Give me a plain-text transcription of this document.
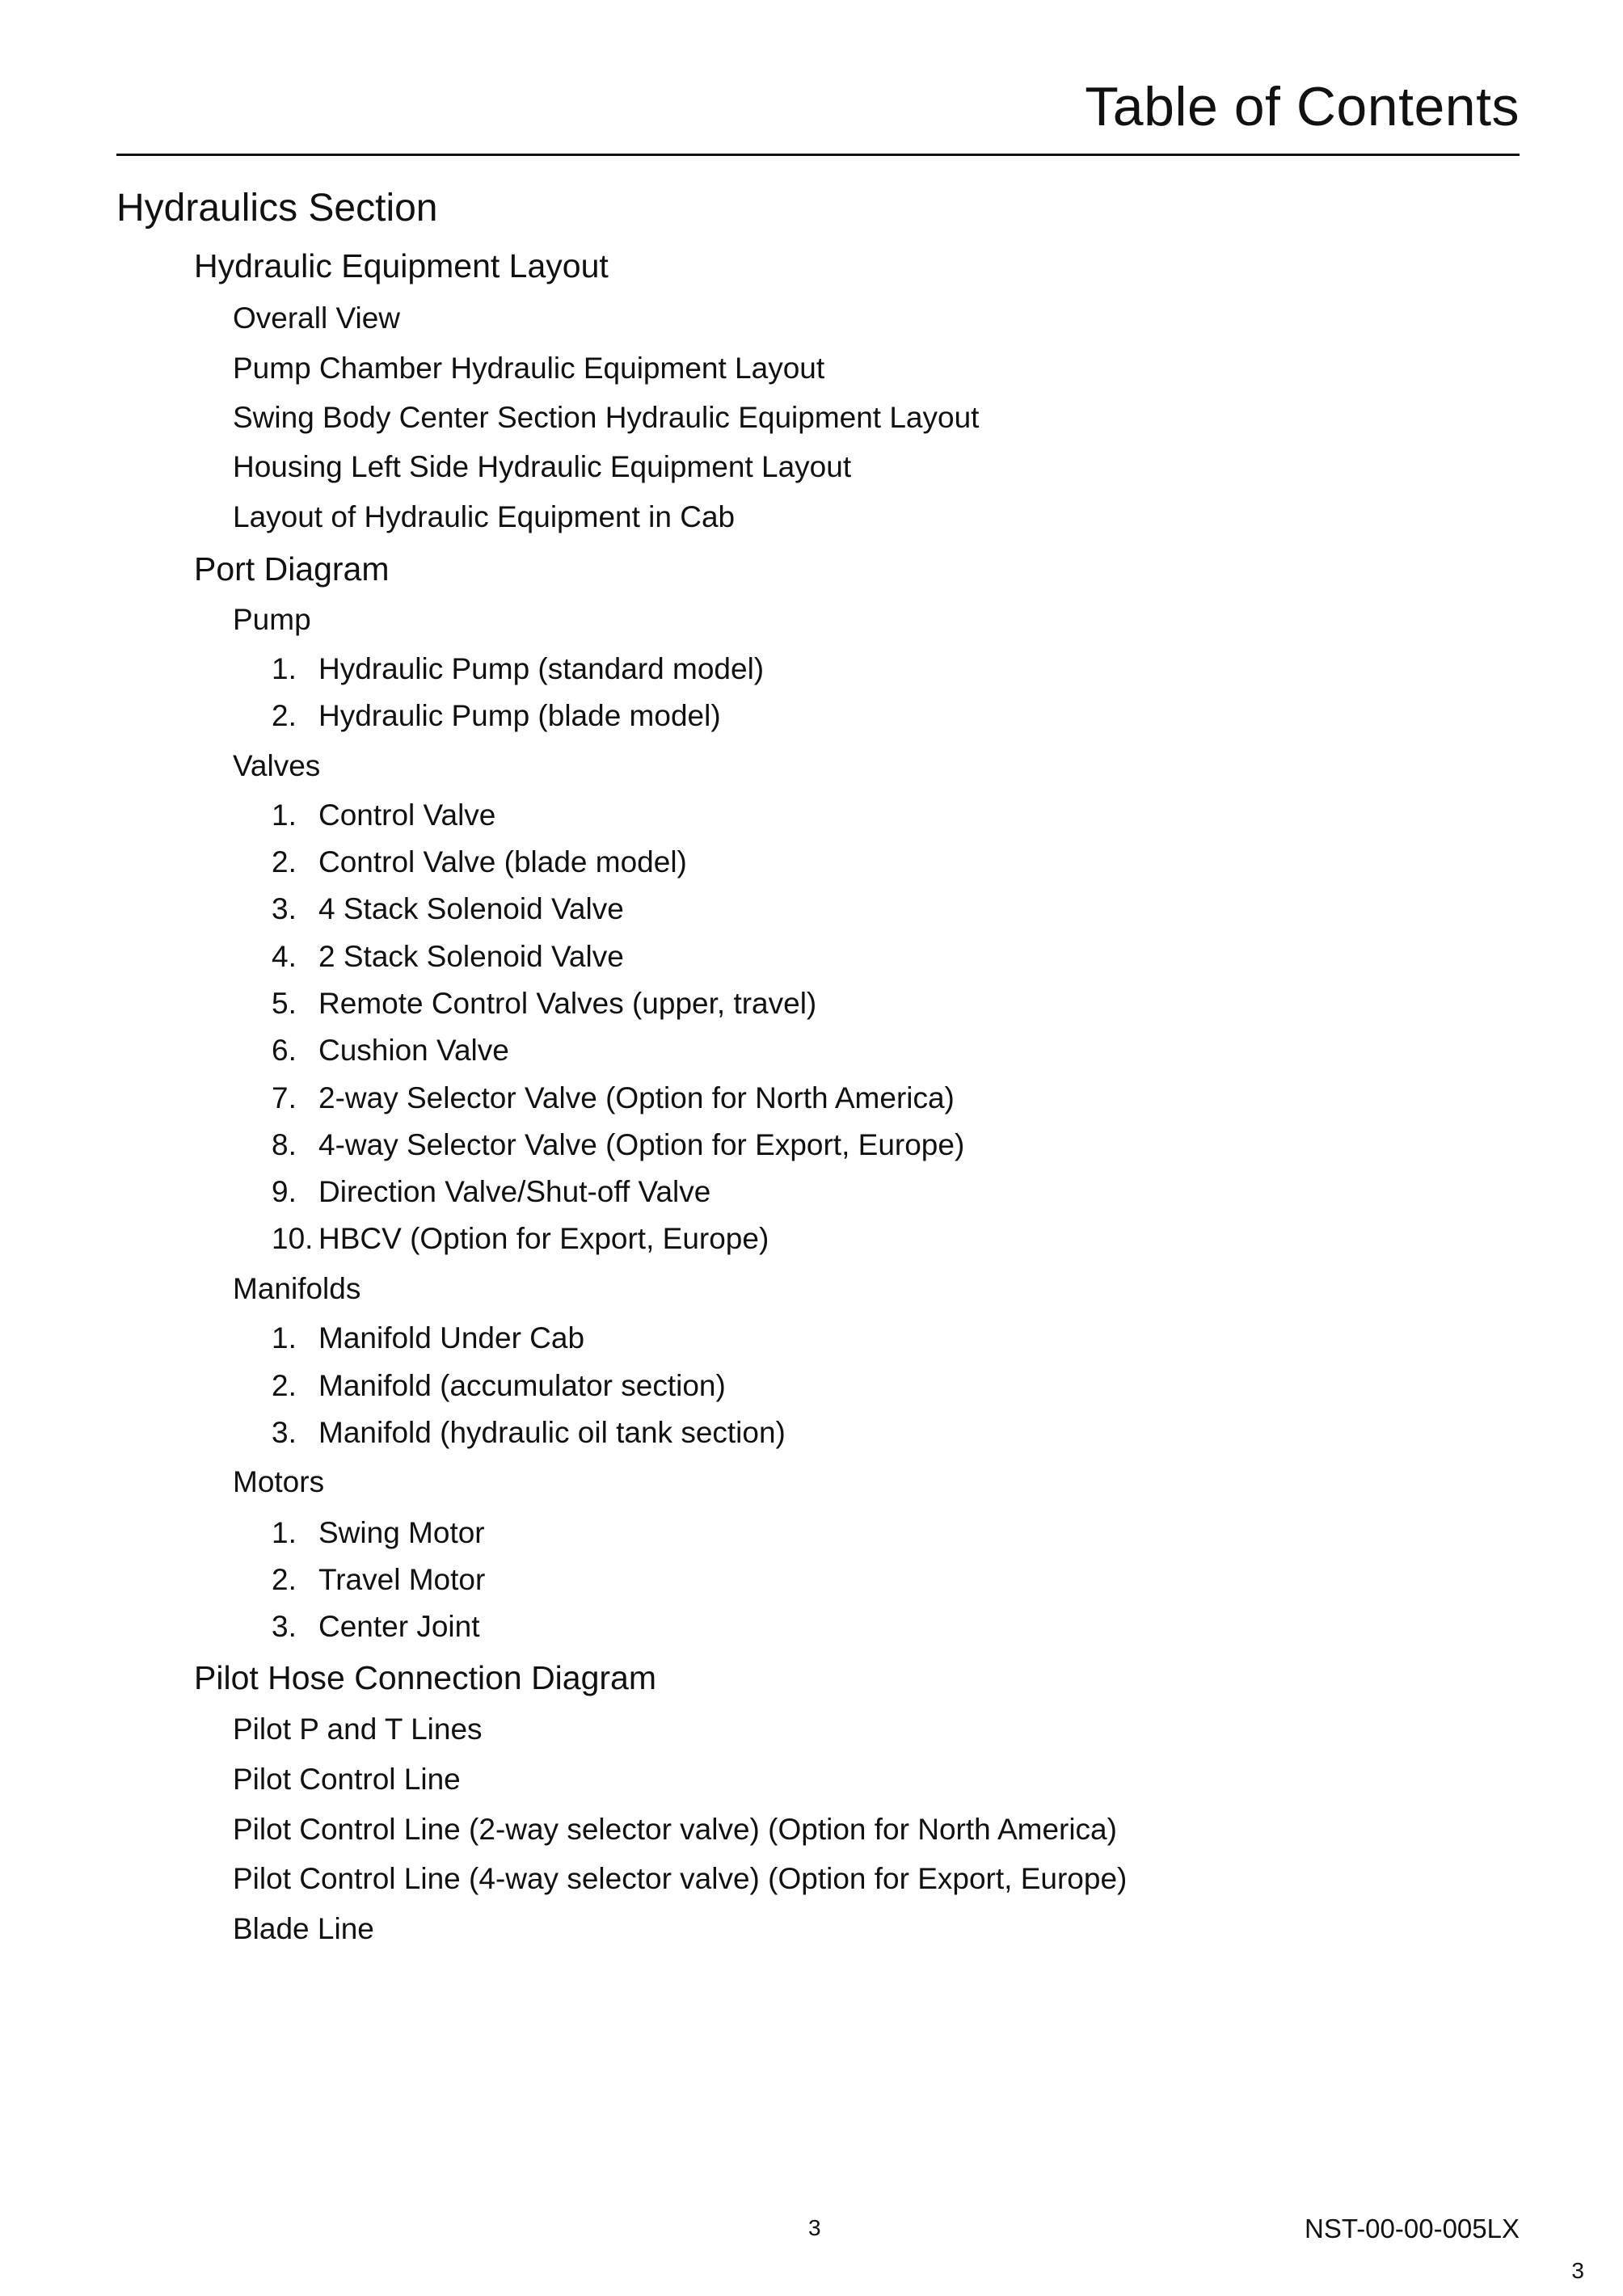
Table of Contents
Hydraulics Section
Hydraulic Equipment Layout
Overall View
Pump Chamber Hydraulic Equipment Layout
Swing Body Center Section Hydraulic Equipment Layout
Housing Left Side Hydraulic Equipment Layout
Layout of Hydraulic Equipment in Cab
Port Diagram
Pump
1. Hydraulic Pump (standard model)
2. Hydraulic Pump (blade model)
Valves
1. Control Valve
2. Control Valve (blade model)
3. 4 Stack Solenoid Valve
4. 2 Stack Solenoid Valve
5. Remote Control Valves (upper, travel)
6. Cushion Valve
7. 2-way Selector Valve (Option for North America)
8. 4-way Selector Valve (Option for Export, Europe)
9. Direction Valve/Shut-off Valve
10. HBCV (Option for Export, Europe)
Manifolds
1. Manifold Under Cab
2. Manifold (accumulator section)
3. Manifold (hydraulic oil tank section)
Motors
1. Swing Motor
2. Travel Motor
3. Center Joint
Pilot Hose Connection Diagram
Pilot P and T Lines
Pilot Control Line
Pilot Control Line (2-way selector valve) (Option for North America)
Pilot Control Line (4-way selector valve) (Option for Export, Europe)
Blade Line
3	NST-00-00-005LX
3
